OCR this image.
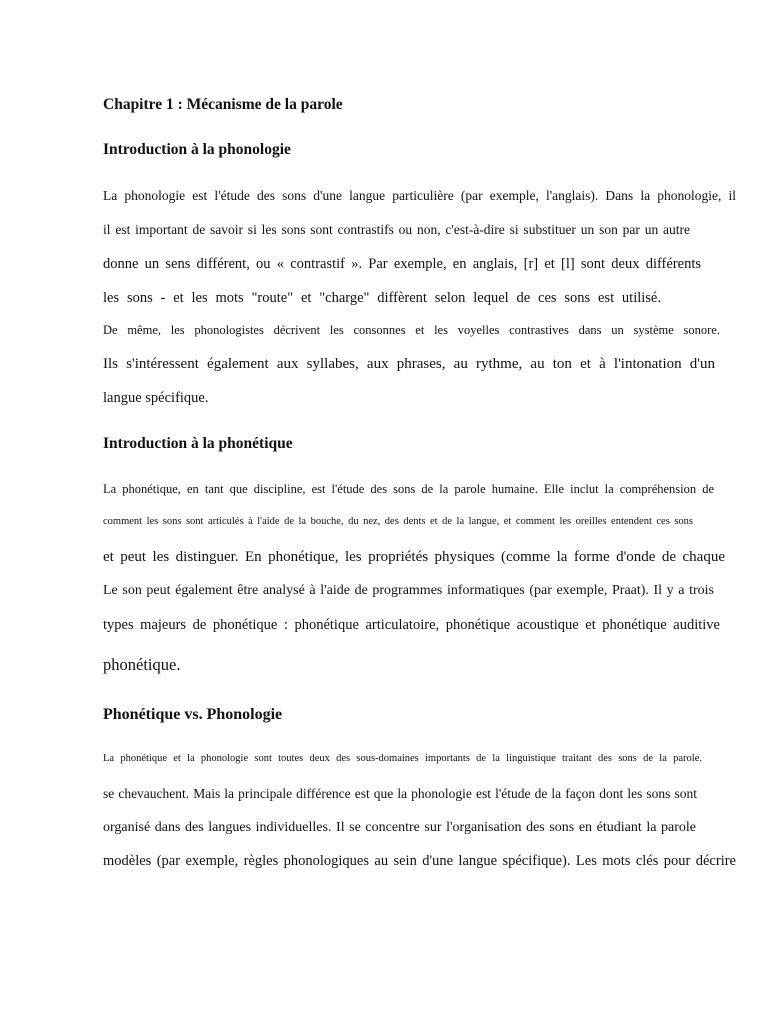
Chapitre 1 : Mécanisme de la parole

Introduction à la phonologie

La phonologie est l'étude des sons d'une langue particulière (par exemple, l'anglais). Dans la phonologie, il

il est important de savoir si les sons sont contrastifs ou non, c'est-à-dire si substituer un son par un autre

donne un sens différent, ou « contrastif ». Par exemple, en anglais, [r] et [l] sont deux différents

les sons - et les mots "route" et "charge" diffèrent selon lequel de ces sons est utilisé.

De même, les phonologistes décrivent les consonnes et les voyelles contrastives dans un système sonore.

Ils s'intéressent également aux syllabes, aux phrases, au rythme, au ton et à l'intonation d'un

langue spécifique.

Introduction à la phonétique

La phonétique, en tant que discipline, est l'étude des sons de la parole humaine. Elle inclut la compréhension de

comment les sons sont articulés à l'aide de la bouche, du nez, des dents et de la langue, et comment les oreilles entendent ces sons

et peut les distinguer. En phonétique, les propriétés physiques (comme la forme d'onde de chaque

Le son peut également être analysé à l'aide de programmes informatiques (par exemple, Praat). Il y a trois

types majeurs de phonétique : phonétique articulatoire, phonétique acoustique et phonétique auditive

phonétique.

Phonétique vs. Phonologie

La phonétique et la phonologie sont toutes deux des sous-domaines importants de la linguistique traitant des sons de la parole.

se chevauchent. Mais la principale différence est que la phonologie est l'étude de la façon dont les sons sont

organisé dans des langues individuelles. Il se concentre sur l'organisation des sons en étudiant la parole

modèles (par exemple, règles phonologiques au sein d'une langue spécifique). Les mots clés pour décrire
